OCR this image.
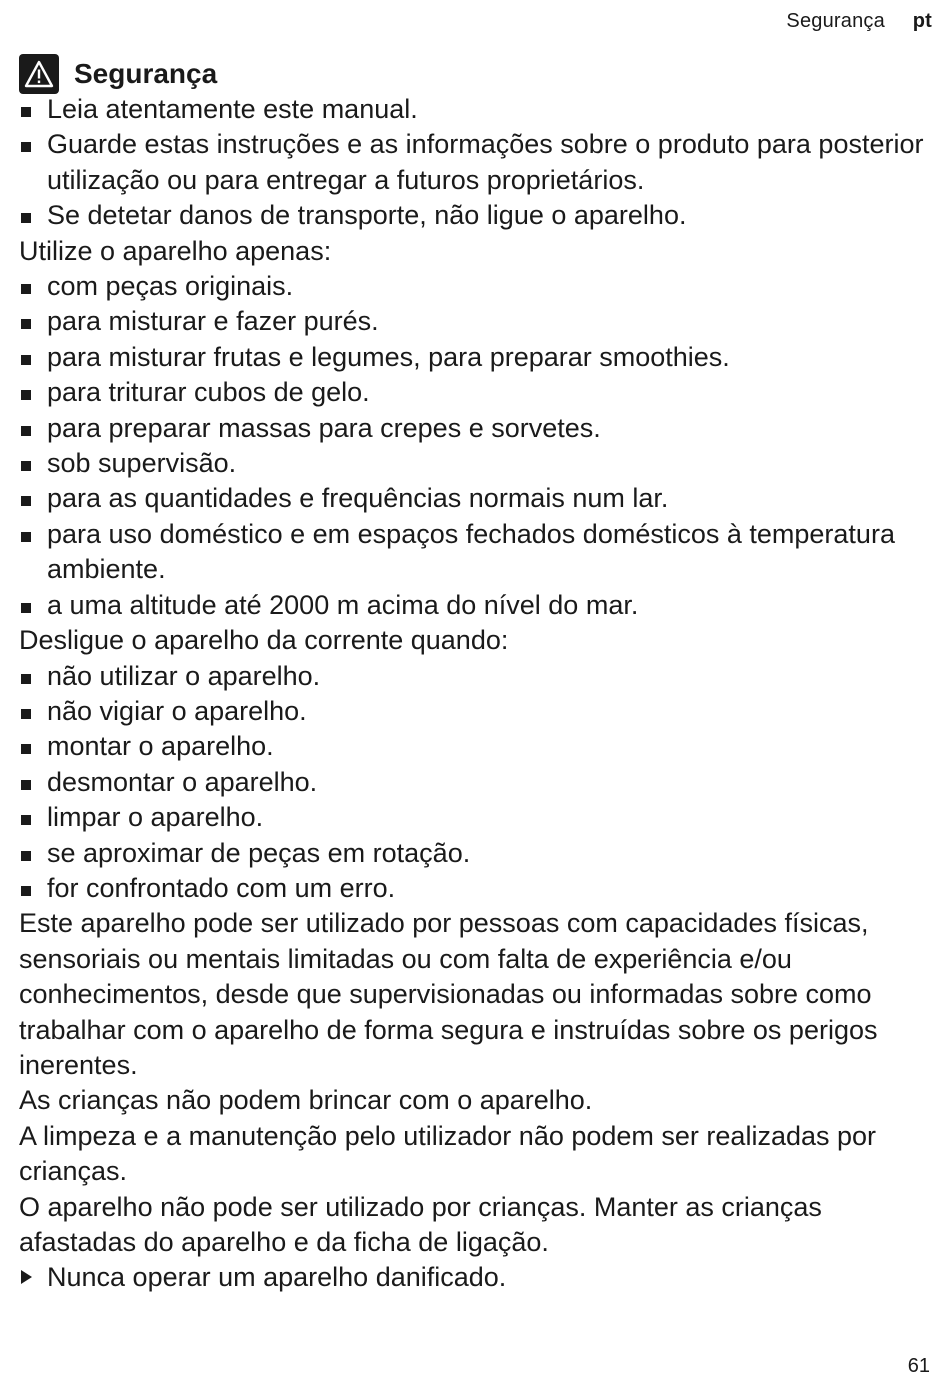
Segurança pt
Segurança
Leia atentamente este manual.
Guarde estas instruções e as informações sobre o produto para posterior utilização ou para entregar a futuros proprietários.
Se detetar danos de transporte, não ligue o aparelho.
Utilize o aparelho apenas:
com peças originais.
para misturar e fazer purés.
para misturar frutas e legumes, para preparar smoothies.
para triturar cubos de gelo.
para preparar massas para crepes e sorvetes.
sob supervisão.
para as quantidades e frequências normais num lar.
para uso doméstico e em espaços fechados domésticos à temperatura ambiente.
a uma altitude até 2000 m acima do nível do mar.
Desligue o aparelho da corrente quando:
não utilizar o aparelho.
não vigiar o aparelho.
montar o aparelho.
desmontar o aparelho.
limpar o aparelho.
se aproximar de peças em rotação.
for confrontado com um erro.
Este aparelho pode ser utilizado por pessoas com capacidades físicas, sensoriais ou mentais limitadas ou com falta de experiência e/ou conhecimentos, desde que supervisionadas ou informadas sobre como trabalhar com o aparelho de forma segura e instruídas sobre os perigos inerentes.
As crianças não podem brincar com o aparelho.
A limpeza e a manutenção pelo utilizador não podem ser realizadas por crianças.
O aparelho não pode ser utilizado por crianças. Manter as crianças afastadas do aparelho e da ficha de ligação.
Nunca operar um aparelho danificado.
61
